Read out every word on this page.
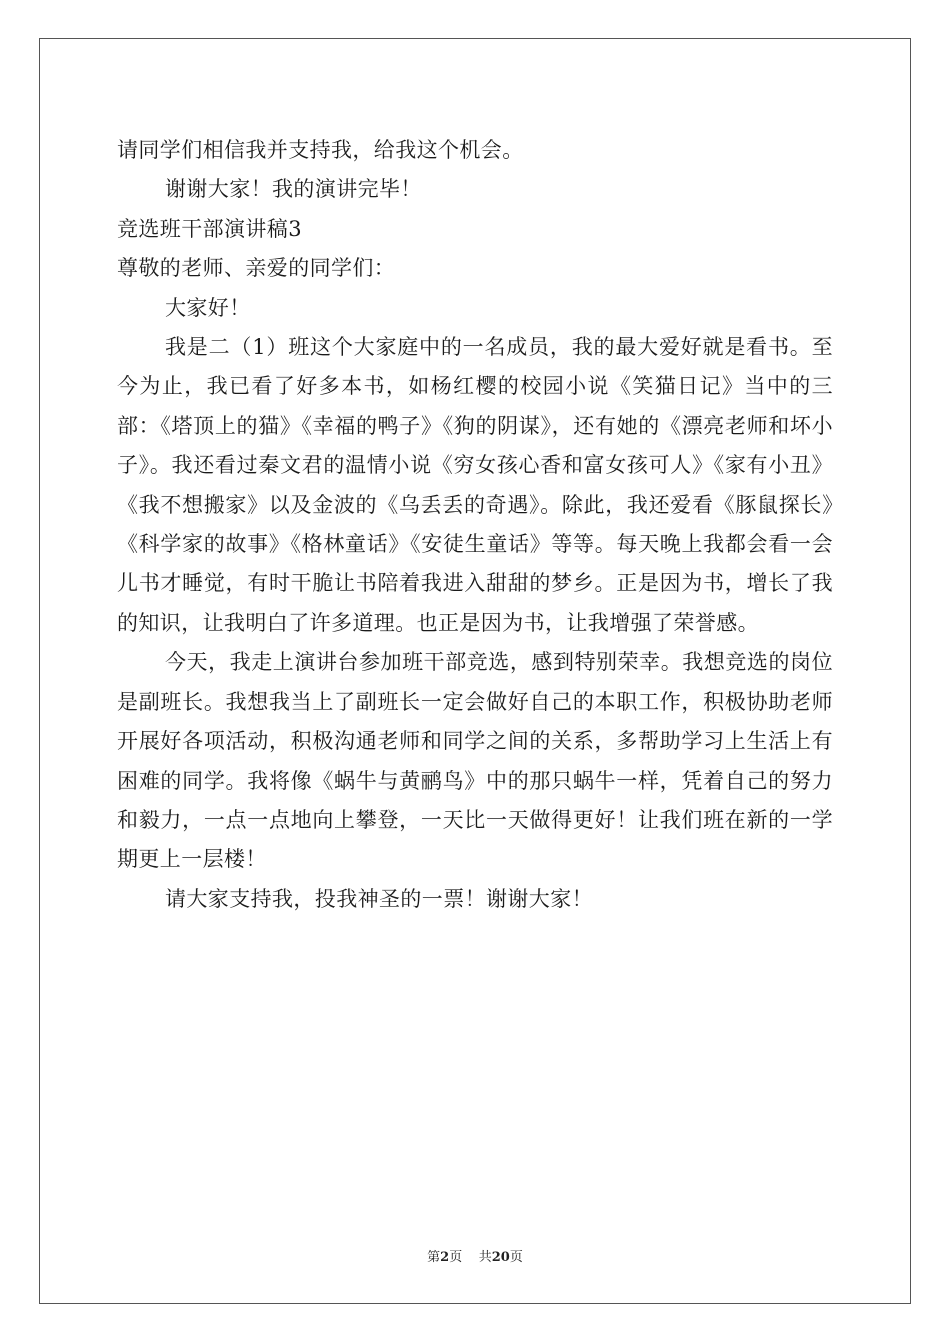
请同学们相信我并支持我，给我这个机会。
谢谢大家！我的演讲完毕！
竞选班干部演讲稿3
尊敬的老师、亲爱的同学们：
大家好！

我是二（1）班这个大家庭中的一名成员，我的最大爱好就是看书。至今为止，我已看了好多本书，如杨红樱的校园小说《笑猫日记》当中的三部：《塔顶上的猫》《幸福的鸭子》《狗的阴谋》，还有她的《漂亮老师和坏小子》。我还看过秦文君的温情小说《穷女孩心香和富女孩可人》《家有小丑》《我不想搬家》以及金波的《乌丢丢的奇遇》。除此，我还爱看《豚鼠探长》《科学家的故事》《格林童话》《安徒生童话》等等。每天晚上我都会看一会儿书才睡觉，有时干脆让书陪着我进入甜甜的梦乡。正是因为书，增长了我的知识，让我明白了许多道理。也正是因为书，让我增强了荣誉感。

今天，我走上演讲台参加班干部竞选，感到特别荣幸。我想竞选的岗位是副班长。我想我当上了副班长一定会做好自己的本职工作，积极协助老师开展好各项活动，积极沟通老师和同学之间的关系，多帮助学习上生活上有困难的同学。我将像《蜗牛与黄鹂鸟》中的那只蜗牛一样，凭着自己的努力和毅力，一点一点地向上攀登，一天比一天做得更好！让我们班在新的一学期更上一层楼！

请大家支持我，投我神圣的一票！谢谢大家！

第2页 共20页
